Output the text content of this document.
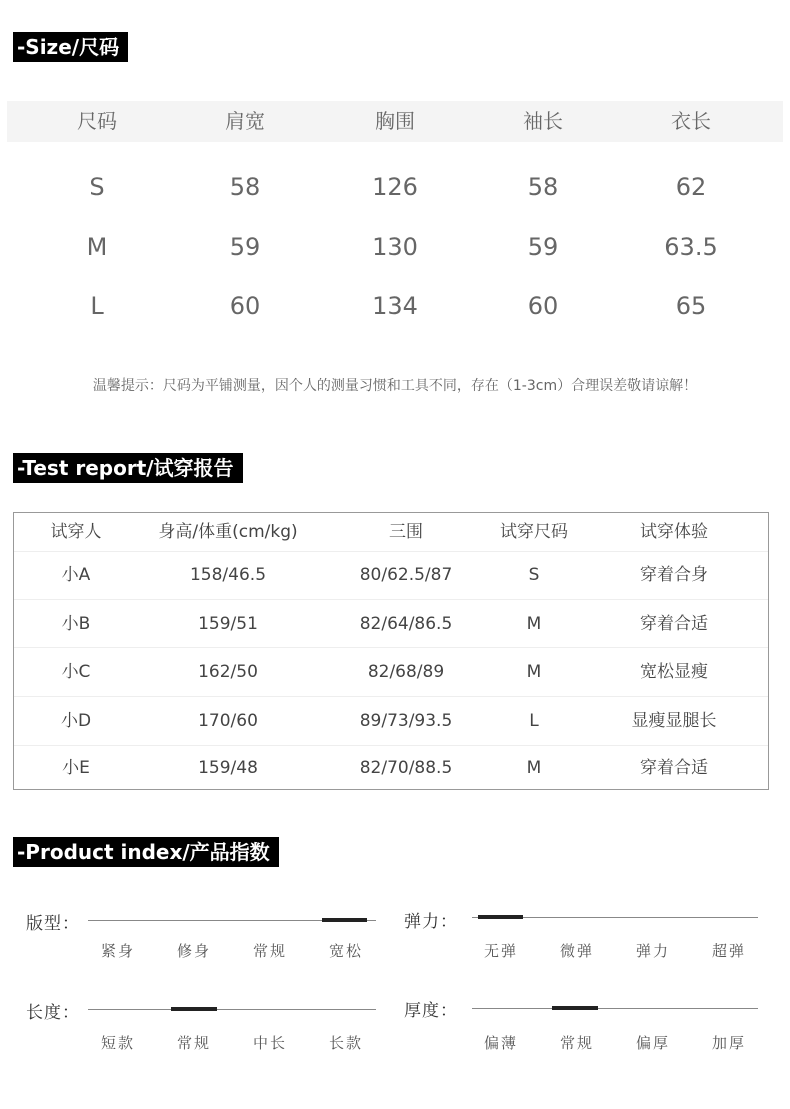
-Size/尺码
尺码	肩宽	胸围	袖长	衣长
S	58	126	58	62
M	59	130	59	63.5
L	60	134	60	65
温馨提示：尺码为平铺测量，因个人的测量习惯和工具不同，存在（1-3cm）合理误差敬请谅解！
-Test report/试穿报告
试穿人	身高/体重(cm/kg)	三围	试穿尺码	试穿体验
小A	158/46.5	80/62.5/87	S	穿着合身
小B	159/51	82/64/86.5	M	穿着合适
小C	162/50	82/68/89	M	宽松显瘦
小D	170/60	89/73/93.5	L	显瘦显腿长
小E	159/48	82/70/88.5	M	穿着合适
-Product index/产品指数
版型：
紧身	修身	常规	宽松
弹力：
无弹	微弹	弹力	超弹
长度：
短款	常规	中长	长款
厚度：
偏薄	常规	偏厚	加厚
